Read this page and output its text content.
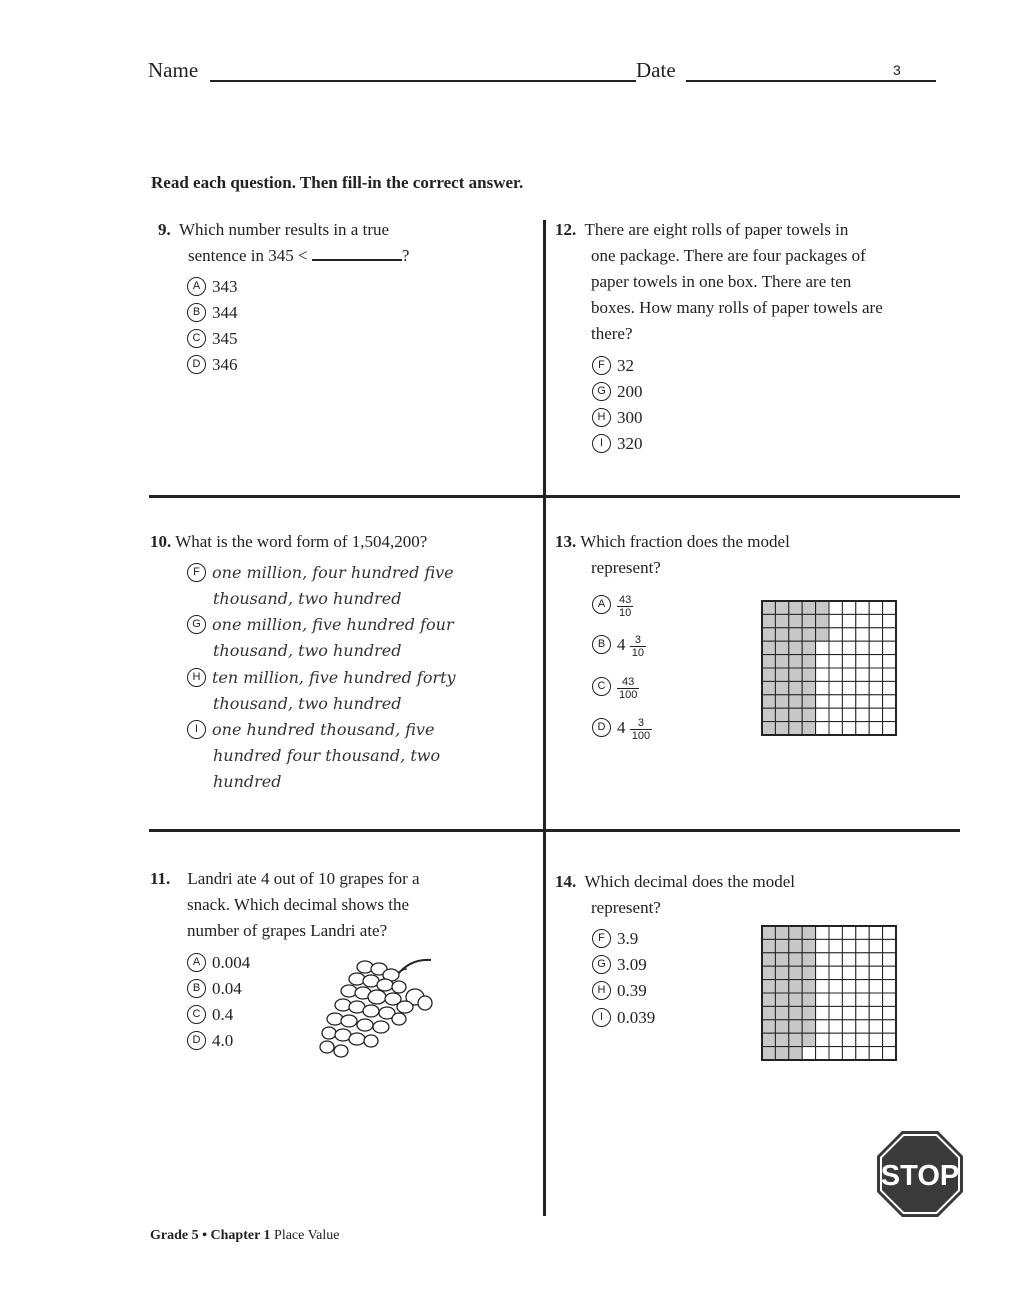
Name	Date	3
Read each question. Then fill-in the correct answer.
9. Which number results in a true
sentence in 345 <	?
A 343
B 344
C 345
D 346
12. There are eight rolls of paper towels in
one package. There are four packages of
paper towels in one box. There are ten
boxes. How many rolls of paper towels are
there?
F 32
G 200
H 300
I 320
10. What is the word form of 1,504,200?
F one million, four hundred five
thousand, two hundred
G one million, five hundred four
thousand, two hundred
H ten million, five hundred forty
thousand, two hundred
I one hundred thousand, five
hundred four thousand, two
hundred
13. Which fraction does the model
represent?
A $\frac{43}{10}$
B $4 \frac{3}{10}$
C $\frac{43}{100}$
D $4 \frac{3}{100}$
11. Landri ate 4 out of 10 grapes for a
snack. Which decimal shows the
number of grapes Landri ate?
A 0.004
B 0.04
C 0.4
D 4.0
14. Which decimal does the model
represent?
F 3.9
G 3.09
H 0.39
I 0.039
STOP
Grade 5 • Chapter 1 Place Value
